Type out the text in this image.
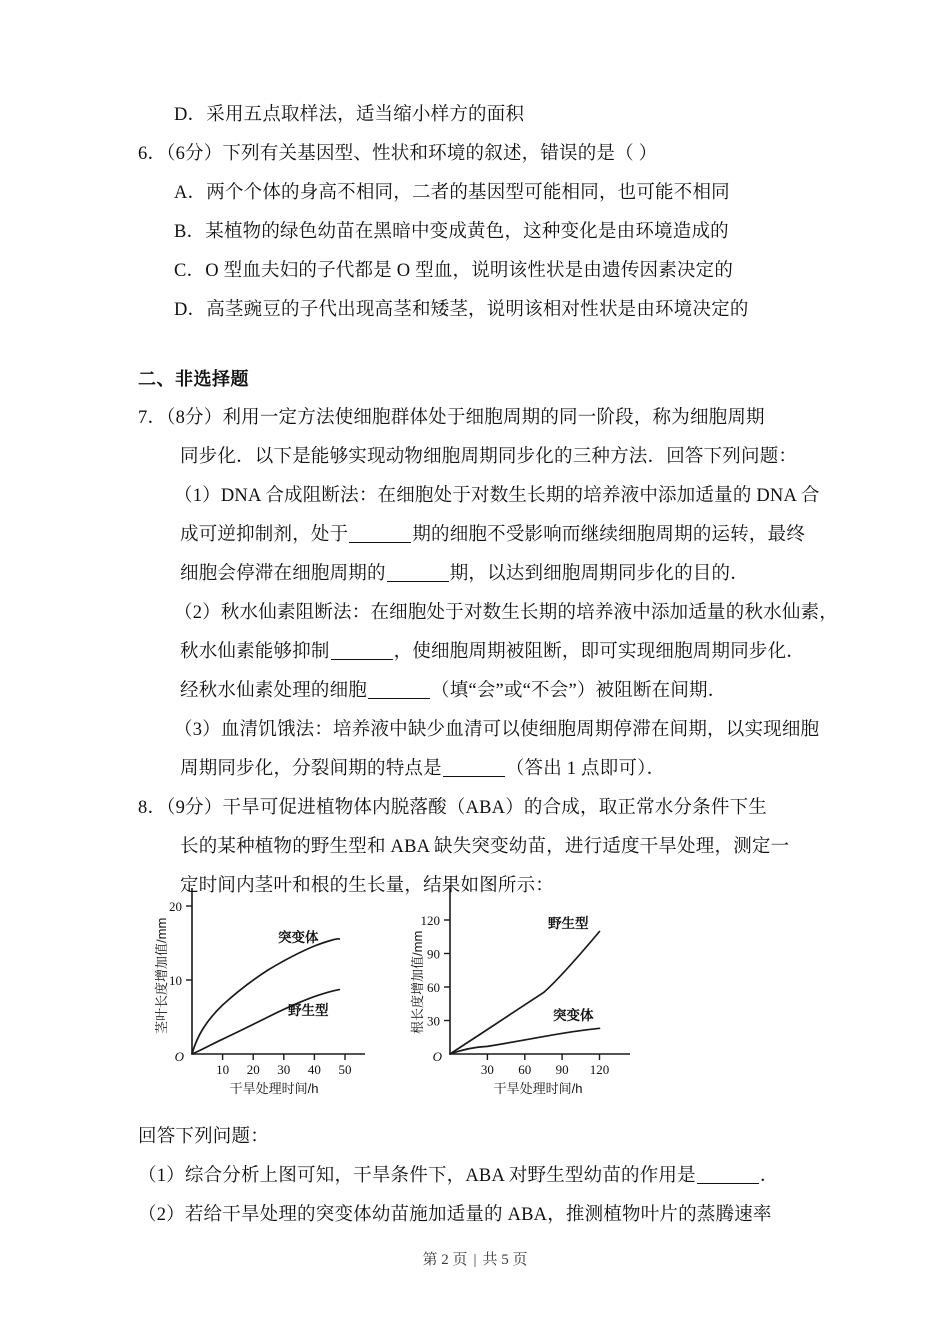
D．采用五点取样法，适当缩小样方的面积
6．（6分）下列有关基因型、性状和环境的叙述，错误的是（ ）
A．两个个体的身高不相同，二者的基因型可能相同，也可能不相同
B．某植物的绿色幼苗在黑暗中变成黄色，这种变化是由环境造成的
C．O 型血夫妇的子代都是 O 型血，说明该性状是由遗传因素决定的
D．高茎豌豆的子代出现高茎和矮茎，说明该相对性状是由环境决定的
二、非选择题
7．（8分）利用一定方法使细胞群体处于细胞周期的同一阶段，称为细胞周期
同步化．以下是能够实现动物细胞周期同步化的三种方法．回答下列问题：
（1）DNA 合成阻断法：在细胞处于对数生长期的培养液中添加适量的 DNA 合
成可逆抑制剂，处于	期的细胞不受影响而继续细胞周期的运转，最终
细胞会停滞在细胞周期的	期，以达到细胞周期同步化的目的．
（2）秋水仙素阻断法：在细胞处于对数生长期的培养液中添加适量的秋水仙素，
秋水仙素能够抑制	，使细胞周期被阻断，即可实现细胞周期同步化．
经秋水仙素处理的细胞	（填“会”或“不会”）被阻断在间期．
（3）血清饥饿法：培养液中缺少血清可以使细胞周期停滞在间期，以实现细胞
周期同步化，分裂间期的特点是	（答出 1 点即可）．
8．（9分）干旱可促进植物体内脱落酸（ABA）的合成，取正常水分条件下生
长的某种植物的野生型和 ABA 缺失突变幼苗，进行适度干旱处理，测定一
定时间内茎叶和根的生长量，结果如图所示：
20
10
O
10 20 30 40 50
干旱处理时间/h
茎叶长度增加值/mm	突变体
野生型
30
60
90
120
O
30 60 90 120
干旱处理时间/h
根长度增加值/mm
野生型
突变体
回答下列问题：
（1）综合分析上图可知，干旱条件下，ABA 对野生型幼苗的作用是	．
（2）若给干旱处理的突变体幼苗施加适量的 ABA，推测植物叶片的蒸腾速率
第 2 页 | 共 5 页
